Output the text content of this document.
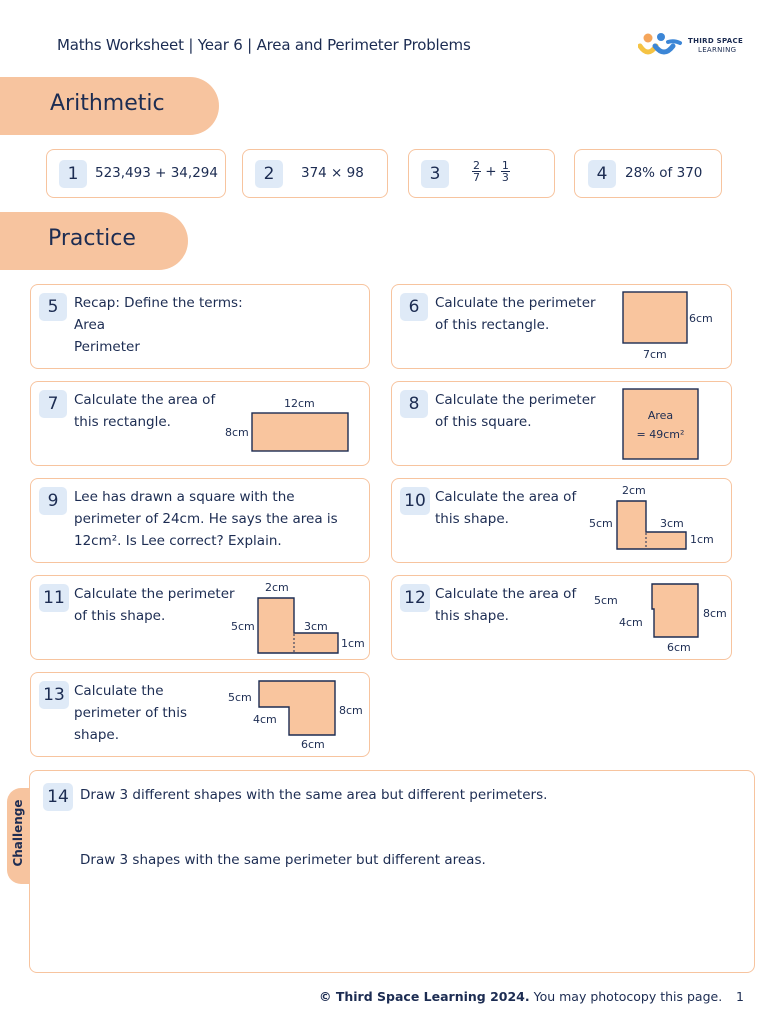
Maths Worksheet | Year 6 | Area and Perimeter Problems	THIRD SPACE
LEARNING
Arithmetic
1	523,493 + 34,294	2	374 × 98	3	$\frac{2}{7} + \frac{1}{3}$	4	28% of 370
Practice
5	Recap: Define the terms:
Area
Perimeter
6	Calculate the perimeter
of this rectangle.	6cm
7cm
7	Calculate the area of
this rectangle.
12cm
8cm
8	Calculate the perimeter
of this square.	Area
= 49cm²
9	Lee has drawn a square with the
perimeter of 24cm. He says the area is
12cm². Is Lee correct? Explain.
10 Calculate the area of
this shape.
2cm
5cm	3cm
1cm
11 Calculate the perimeter
of this shape.
2cm
5cm	3cm
1cm
12 Calculate the area of
this shape.
5cm
8cm
4cm
6cm
13 Calculate the
perimeter of this
shape.
5cm
8cm
4cm
6cm
Challenge
14 Draw 3 different shapes with the same area but different perimeters.
Draw 3 shapes with the same perimeter but different areas.
© Third Space Learning 2024. You may photocopy this page. 1
